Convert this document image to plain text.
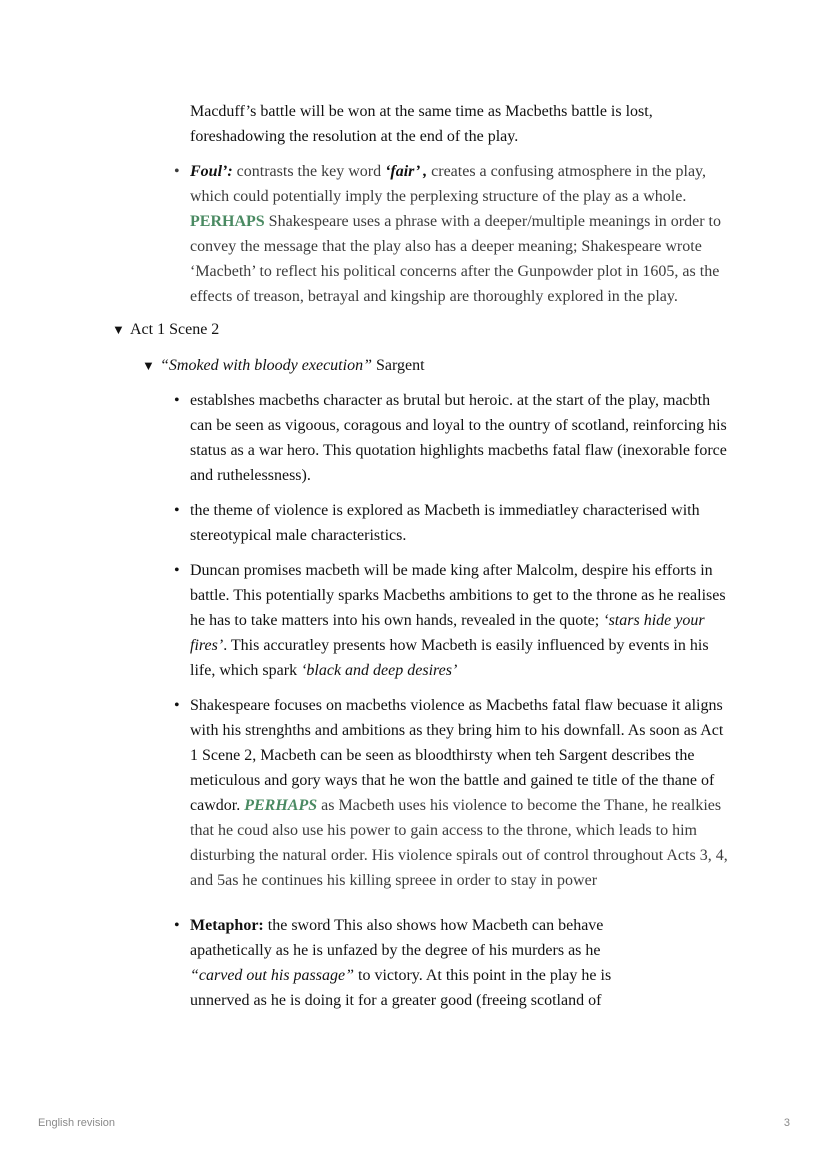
Macduff’s battle will be won at the same time as Macbeths battle is lost, foreshadowing the resolution at the end of the play.
• Foul’: contrasts the key word ‘fair’ , creates a confusing atmosphere in the play, which could potentially imply the perplexing structure of the play as a whole. PERHAPS Shakespeare uses a phrase with a deeper/multiple meanings in order to convey the message that the play also has a deeper meaning; Shakespeare wrote ‘Macbeth’ to reflect his political concerns after the Gunpowder plot in 1605, as the effects of treason, betrayal and kingship are thoroughly explored in the play.
▼ Act 1 Scene 2
▼ “Smoked with bloody execution” Sargent
• establshes macbeths character as brutal but heroic. at the start of the play, macbth can be seen as vigoous, coragous and loyal to the ountry of scotland, reinforcing his status as a war hero. This quotation highlights macbeths fatal flaw (inexorable force and ruthelessness).
• the theme of violence is explored as Macbeth is immediatley characterised with stereotypical male characteristics.
• Duncan promises macbeth will be made king after Malcolm, despire his efforts in battle. This potentially sparks Macbeths ambitions to get to the throne as he realises he has to take matters into his own hands, revealed in the quote; ‘stars hide your fires’. This accuratley presents how Macbeth is easily influenced by events in his life, which spark ‘black and deep desires’
• Shakespeare focuses on macbeths violence as Macbeths fatal flaw becuase it aligns with his strenghths and ambitions as they bring him to his downfall. As soon as Act 1 Scene 2, Macbeth can be seen as bloodthirsty when teh Sargent describes the meticulous and gory ways that he won the battle and gained te title of the thane of cawdor. PERHAPS as Macbeth uses his violence to become the Thane, he realkies that he coud also use his power to gain access to the throne, which leads to him disturbing the natural order. His violence spirals out of control throughout Acts 3, 4, and 5as he continues his killing spreee in order to stay in power
• Metaphor: the sword This also shows how Macbeth can behave apathetically as he is unfazed by the degree of his murders as he “carved out his passage” to victory. At this point in the play he is unnerved as he is doing it for a greater good (freeing scotland of
English revision	3
